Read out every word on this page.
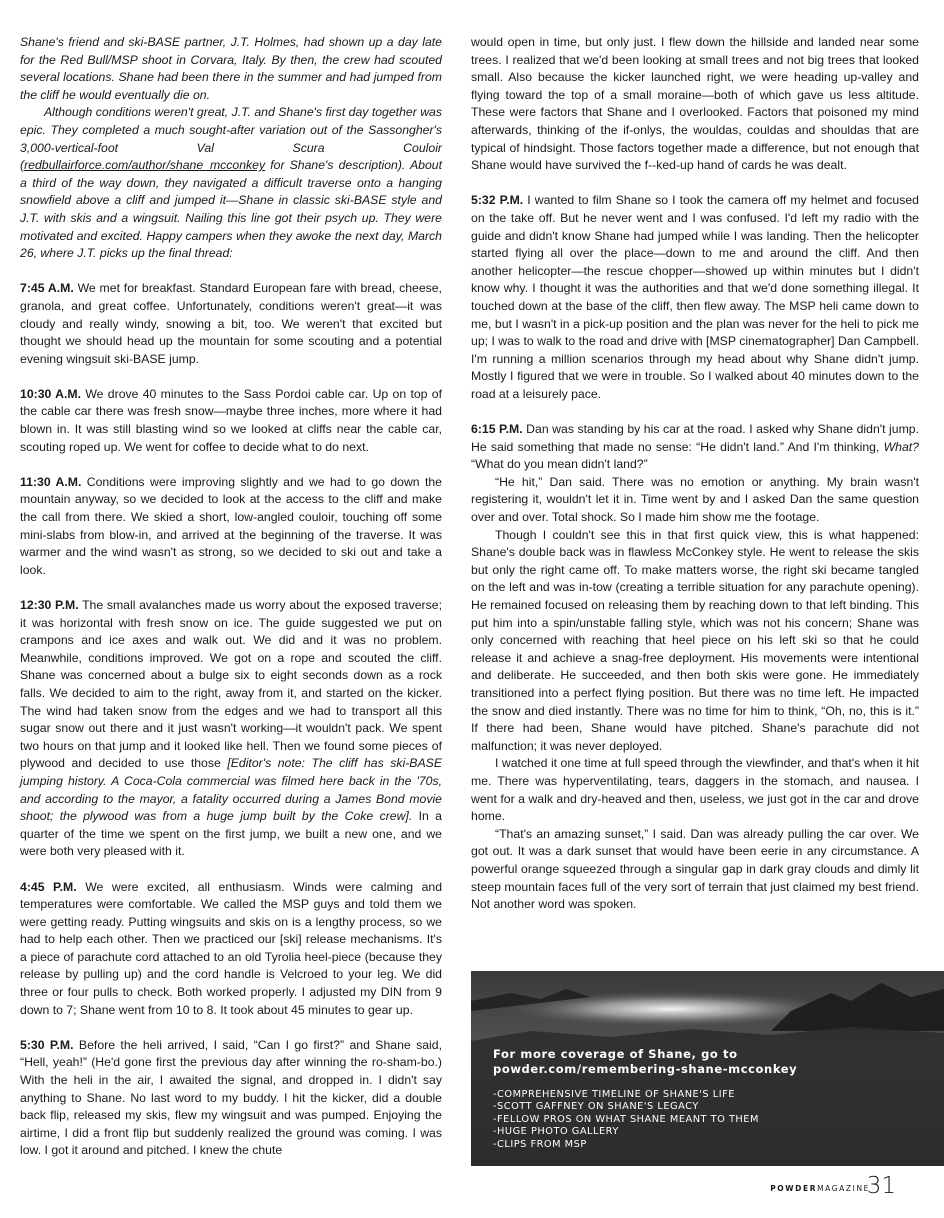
Shane's friend and ski-BASE partner, J.T. Holmes, had shown up a day late for the Red Bull/MSP shoot in Corvara, Italy. By then, the crew had scouted several locations. Shane had been there in the summer and had jumped from the cliff he would eventually die on.

Although conditions weren't great, J.T. and Shane's first day together was epic. They completed a much sought-after variation out of the Sassongher's 3,000-vertical-foot Val Scura Couloir (redbullairforce.com/author/shane_mcconkey for Shane's description). About a third of the way down, they navigated a difficult traverse onto a hanging snowfield above a cliff and jumped it—Shane in classic ski-BASE style and J.T. with skis and a wingsuit. Nailing this line got their psych up. They were motivated and excited. Happy campers when they awoke the next day, March 26, where J.T. picks up the final thread:

7:45 A.M. We met for breakfast. Standard European fare with bread, cheese, granola, and great coffee. Unfortunately, conditions weren't great—it was cloudy and really windy, snowing a bit, too. We weren't that excited but thought we should head up the mountain for some scouting and a potential evening wingsuit ski-BASE jump.

10:30 A.M. We drove 40 minutes to the Sass Pordoi cable car. Up on top of the cable car there was fresh snow—maybe three inches, more where it had blown in. It was still blasting wind so we looked at cliffs near the cable car, scouting roped up. We went for coffee to decide what to do next.

11:30 A.M. Conditions were improving slightly and we had to go down the mountain anyway, so we decided to look at the access to the cliff and make the call from there. We skied a short, low-angled couloir, touching off some mini-slabs from blow-in, and arrived at the beginning of the traverse. It was warmer and the wind wasn't as strong, so we decided to ski out and take a look.

12:30 P.M. The small avalanches made us worry about the exposed traverse; it was horizontal with fresh snow on ice. The guide suggested we put on crampons and ice axes and walk out. We did and it was no problem. Meanwhile, conditions improved. We got on a rope and scouted the cliff. Shane was concerned about a bulge six to eight seconds down as a rock falls. We decided to aim to the right, away from it, and started on the kicker. The wind had taken snow from the edges and we had to transport all this sugar snow out there and it just wasn't working—it wouldn't pack. We spent two hours on that jump and it looked like hell. Then we found some pieces of plywood and decided to use those [Editor's note: The cliff has ski-BASE jumping history. A Coca-Cola commercial was filmed here back in the '70s, and according to the mayor, a fatality occurred during a James Bond movie shoot; the plywood was from a huge jump built by the Coke crew]. In a quarter of the time we spent on the first jump, we built a new one, and we were both very pleased with it.

4:45 P.M. We were excited, all enthusiasm. Winds were calming and temperatures were comfortable. We called the MSP guys and told them we were getting ready. Putting wingsuits and skis on is a lengthy process, so we had to help each other. Then we practiced our [ski] release mechanisms. It's a piece of parachute cord attached to an old Tyrolia heel-piece (because they release by pulling up) and the cord handle is Velcroed to your leg. We did three or four pulls to check. Both worked properly. I adjusted my DIN from 9 down to 7; Shane went from 10 to 8. It took about 45 minutes to gear up.

5:30 P.M. Before the heli arrived, I said, “Can I go first?” and Shane said, “Hell, yeah!” (He'd gone first the previous day after winning the ro-sham-bo.) With the heli in the air, I awaited the signal, and dropped in. I didn't say anything to Shane. No last word to my buddy. I hit the kicker, did a double back flip, released my skis, flew my wingsuit and was pumped. Enjoying the airtime, I did a front flip but suddenly realized the ground was coming. I was low. I got it around and pitched. I knew the chute

would open in time, but only just. I flew down the hillside and landed near some trees. I realized that we'd been looking at small trees and not big trees that looked small. Also because the kicker launched right, we were heading up-valley and flying toward the top of a small moraine—both of which gave us less altitude. These were factors that Shane and I overlooked. Factors that poisoned my mind afterwards, thinking of the if-onlys, the wouldas, couldas and shouldas that are typical of hindsight. Those factors together made a difference, but not enough that Shane would have survived the f--ked-up hand of cards he was dealt.

5:32 P.M. I wanted to film Shane so I took the camera off my helmet and focused on the take off. But he never went and I was confused. I'd left my radio with the guide and didn't know Shane had jumped while I was landing. Then the helicopter started flying all over the place—down to me and around the cliff. And then another helicopter—the rescue chopper—showed up within minutes but I didn't know why. I thought it was the authorities and that we'd done something illegal. It touched down at the base of the cliff, then flew away. The MSP heli came down to me, but I wasn't in a pick-up position and the plan was never for the heli to pick me up; I was to walk to the road and drive with [MSP cinematographer] Dan Campbell. I'm running a million scenarios through my head about why Shane didn't jump. Mostly I figured that we were in trouble. So I walked about 40 minutes down to the road at a leisurely pace.

6:15 P.M. Dan was standing by his car at the road. I asked why Shane didn't jump. He said something that made no sense: “He didn't land.” And I'm thinking, What? “What do you mean didn't land?”

“He hit,” Dan said. There was no emotion or anything. My brain wasn't registering it, wouldn't let it in. Time went by and I asked Dan the same question over and over. Total shock. So I made him show me the footage.

Though I couldn't see this in that first quick view, this is what happened: Shane's double back was in flawless McConkey style. He went to release the skis but only the right came off. To make matters worse, the right ski became tangled on the left and was in-tow (creating a terrible situation for any parachute opening). He remained focused on releasing them by reaching down to that left binding. This put him into a spin/unstable falling style, which was not his concern; Shane was only concerned with reaching that heel piece on his left ski so that he could release it and achieve a snag-free deployment. His movements were intentional and deliberate. He succeeded, and then both skis were gone. He immediately transitioned into a perfect flying position. But there was no time left. He impacted the snow and died instantly. There was no time for him to think, “Oh, no, this is it.” If there had been, Shane would have pitched. Shane's parachute did not malfunction; it was never deployed.

I watched it one time at full speed through the viewfinder, and that's when it hit me. There was hyperventilating, tears, daggers in the stomach, and nausea. I went for a walk and dry-heaved and then, useless, we just got in the car and drove home.

“That's an amazing sunset,” I said. Dan was already pulling the car over. We got out. It was a dark sunset that would have been eerie in any circumstance. A powerful orange squeezed through a singular gap in dark gray clouds and dimly lit steep mountain faces full of the very sort of terrain that just claimed my best friend. Not another word was spoken.

For more coverage of Shane, go to
powder.com/remembering-shane-mcconkey
-COMPREHENSIVE TIMELINE OF SHANE'S LIFE
-SCOTT GAFFNEY ON SHANE'S LEGACY
-FELLOW PROS ON WHAT SHANE MEANT TO THEM
-HUGE PHOTO GALLERY
-CLIPS FROM MSP
POWDERMAGAZINE
31
